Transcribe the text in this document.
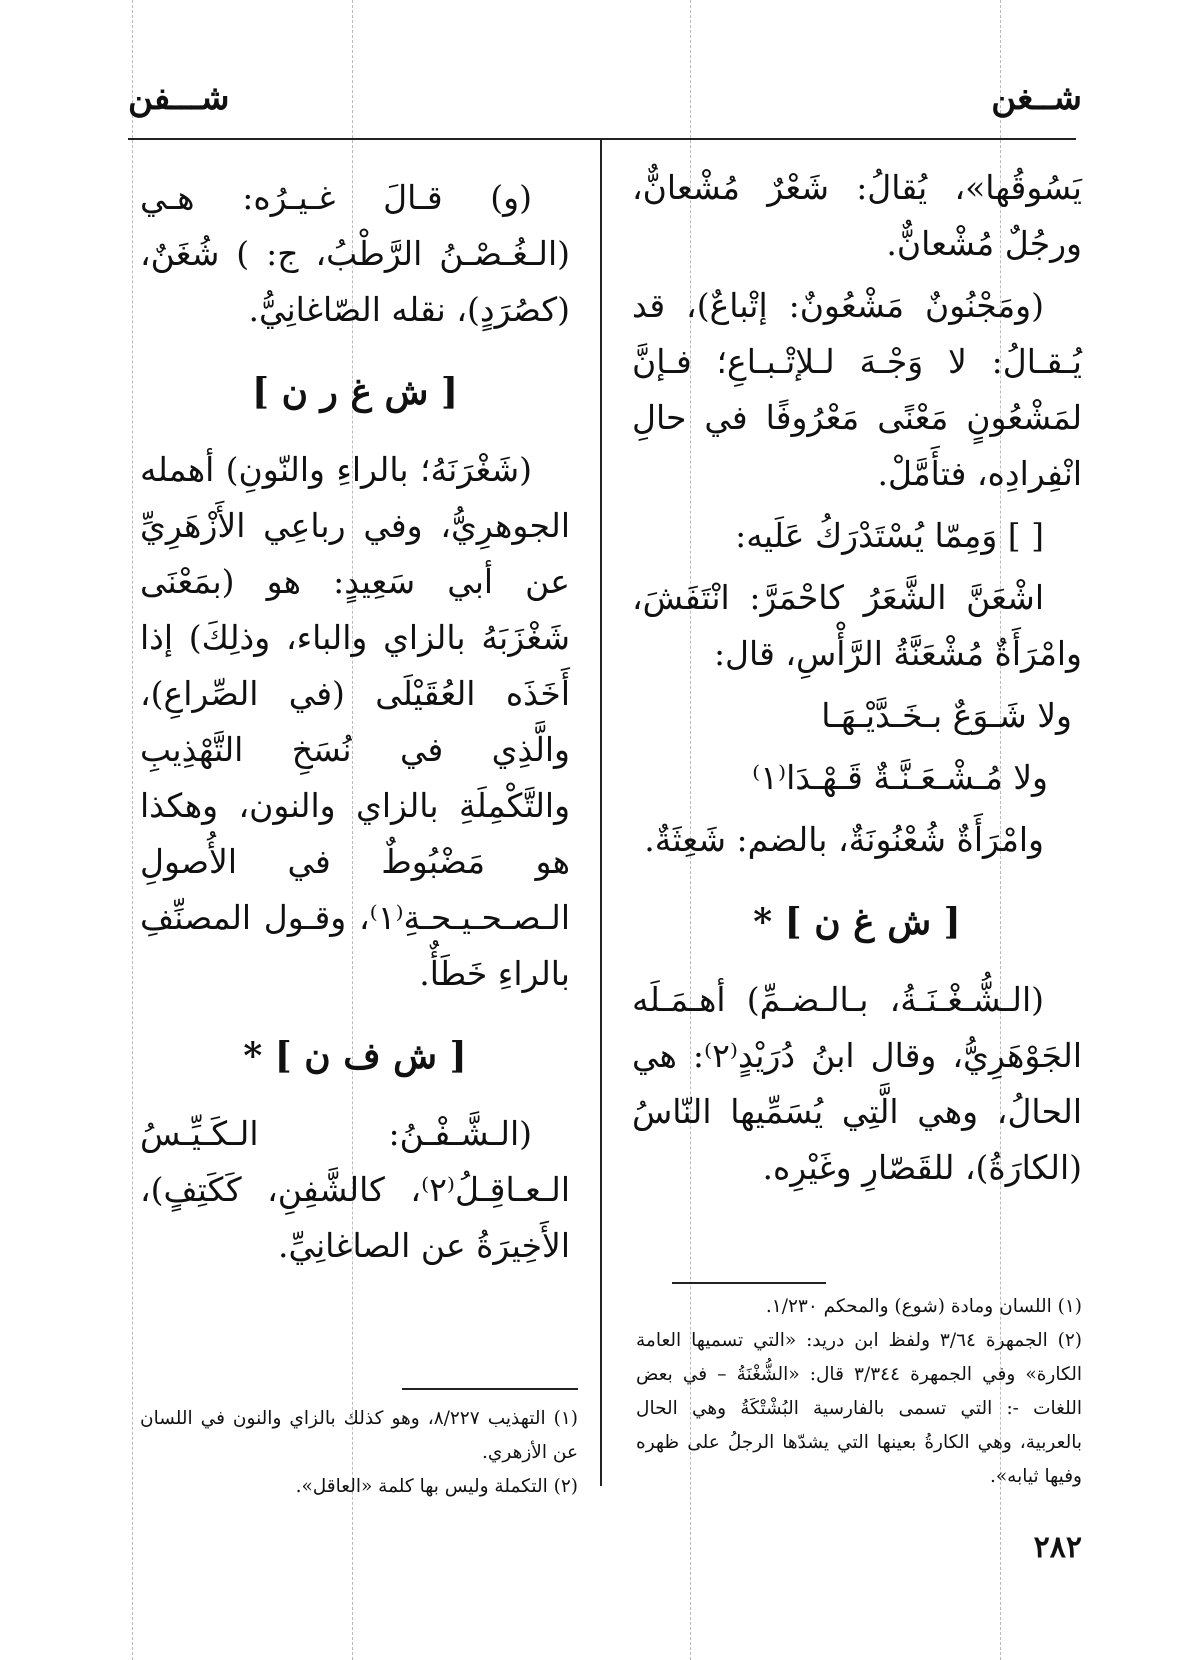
شــغن
شـــفن

يَسُوقُها»، يُقالُ: شَعْرٌ مُشْعانٌّ، ورجُلٌ مُشْعانٌّ.

(ومَجْنُونٌ مَشْعُونٌ: إتْباعٌ)، قد يُـقـالُ: لا وَجْـهَ لـلإتْـبـاعِ؛ فـإنَّ لمَشْعُونٍ مَعْنًى مَعْرُوفًا في حالِ انْفِرادِه، فتأَمَّلْ.

[ ] وَمِمّا يُسْتَدْرَكُ عَلَيه:

اشْعَنَّ الشَّعَرُ كاحْمَرَّ: انْتَفَشَ، وامْرَأَةٌ مُشْعَنَّةُ الرَّأْسِ، قال:

ولا شَـوَعٌ بـخَـدَّيْـهَـا

ولا مُـشْـعَـنَّـةٌ قَـهْـدَا⁽١⁾

وامْرَأَةٌ شُعْنُونَةٌ، بالضم: شَعِثَةٌ.

[ ش غ ن ] *

(الـشُّـغْـنَـةُ، بـالـضـمِّ) أهـمَـلَه الجَوْهَرِيُّ، وقال ابنُ دُرَيْدٍ⁽٢⁾: هي الحالُ، وهي الَّتِي يُسَمِّيها النّاسُ (الكارَةُ)، للقَصّارِ وغَيْرِه.

(و) قـالَ غـيـرُه: هـي (الـغُـصْـنُ الرَّطْبُ، ج: ) شُغَنٌ، (كصُرَدٍ)، نقله الصّاغانِيُّ.

[ ش غ ر ن ]

(شَغْرَنَهُ؛ بالراءِ والنّونِ) أهمله الجوهرِيُّ، وفي رباعِي الأَزْهَرِيِّ عن أبي سَعِيدٍ: هو (بمَعْنَى شَغْزَبَهُ بالزاي والباء، وذلِكَ) إذا أَخَذَه العُقَيْلَى (في الصِّراعِ)، والَّذِي في نُسَخِ التَّهْذِيبِ والتَّكْمِلَةِ بالزاي والنون، وهكذا هو مَضْبُوطٌ في الأُصولِ الـصـحـيـحـةِ⁽١⁾، وقـول المصنِّفِ بالراءِ خَطَأٌ.

[ ش ف ن ] *

(الـشَّـفْـنُ: الـكَـيِّـسُ الـعـاقِـلُ⁽٢⁾، كالشَّفِنِ، كَكَتِفٍ)، الأَخِيرَةُ عن الصاغانِيِّ.

(١) اللسان ومادة (شوع) والمحكم ١/٢٣٠.

(٢) الجمهرة ٣/٦٤ ولفظ ابن دريد: «التي تسميها العامة الكارة» وفي الجمهرة ٣/٣٤٤ قال: «الشُّغْنَةُ – في بعض اللغات -: التي تسمى بالفارسية البُشْتْكَةُ وهي الحال بالعربية، وهي الكارةُ بعينها التي يشدّها الرجلُ على ظهره وفيها ثيابه».

(١) التهذيب ٨/٢٢٧، وهو كذلك بالزاي والنون في اللسان عن الأزهري.

(٢) التكملة وليس بها كلمة «العاقل».

٢٨٢
